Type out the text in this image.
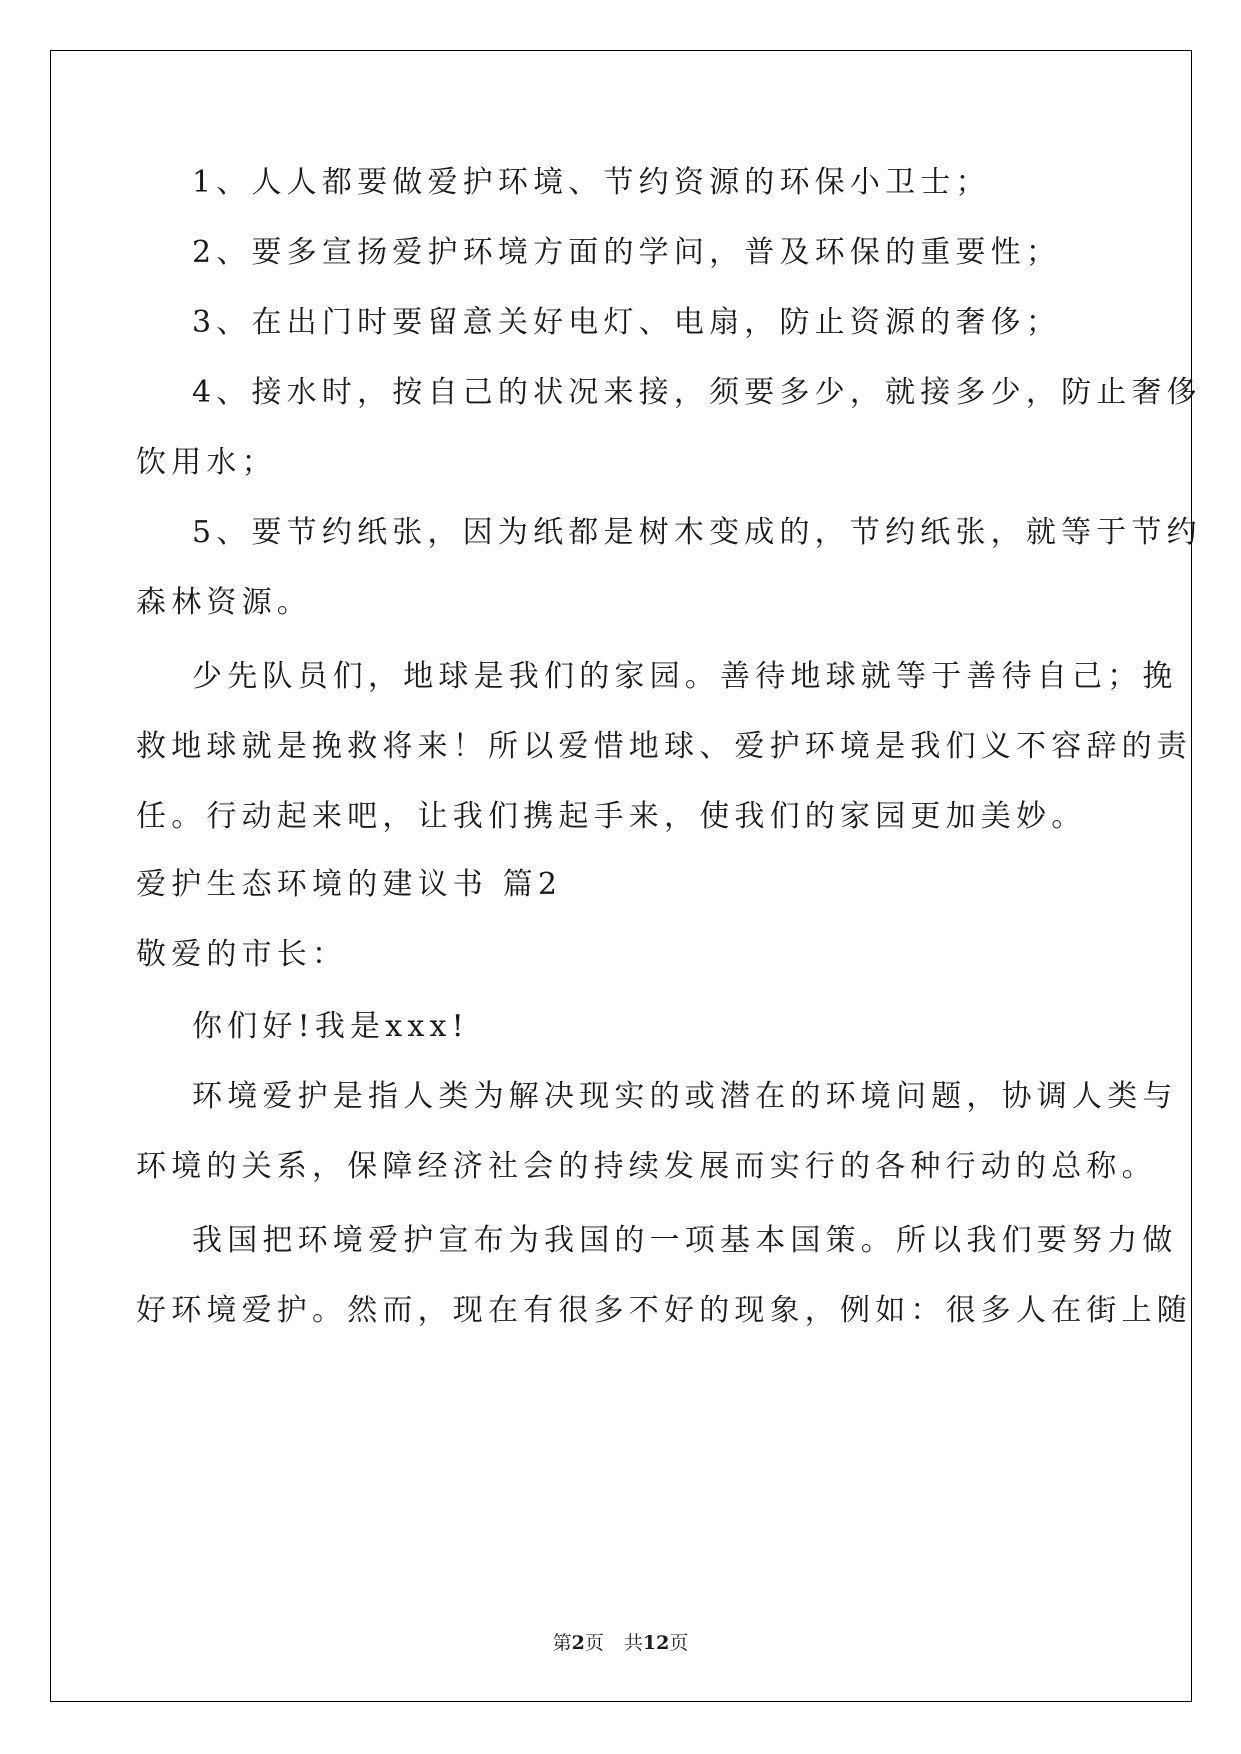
1、人人都要做爱护环境、节约资源的环保小卫士；
2、要多宣扬爱护环境方面的学问，普及环保的重要性；
3、在出门时要留意关好电灯、电扇，防止资源的奢侈；
4、接水时，按自己的状况来接，须要多少，就接多少，防止奢侈
饮用水；
5、要节约纸张，因为纸都是树木变成的，节约纸张，就等于节约
森林资源。
少先队员们，地球是我们的家园。善待地球就等于善待自己；挽
救地球就是挽救将来！所以爱惜地球、爱护环境是我们义不容辞的责
任。行动起来吧，让我们携起手来，使我们的家园更加美妙。
爱护生态环境的建议书 篇2
敬爱的市长：
你们好!我是xxx!
环境爱护是指人类为解决现实的或潜在的环境问题，协调人类与
环境的关系，保障经济社会的持续发展而实行的各种行动的总称。
我国把环境爱护宣布为我国的一项基本国策。所以我们要努力做
好环境爱护。然而，现在有很多不好的现象，例如：很多人在街上随
第2页 共12页
